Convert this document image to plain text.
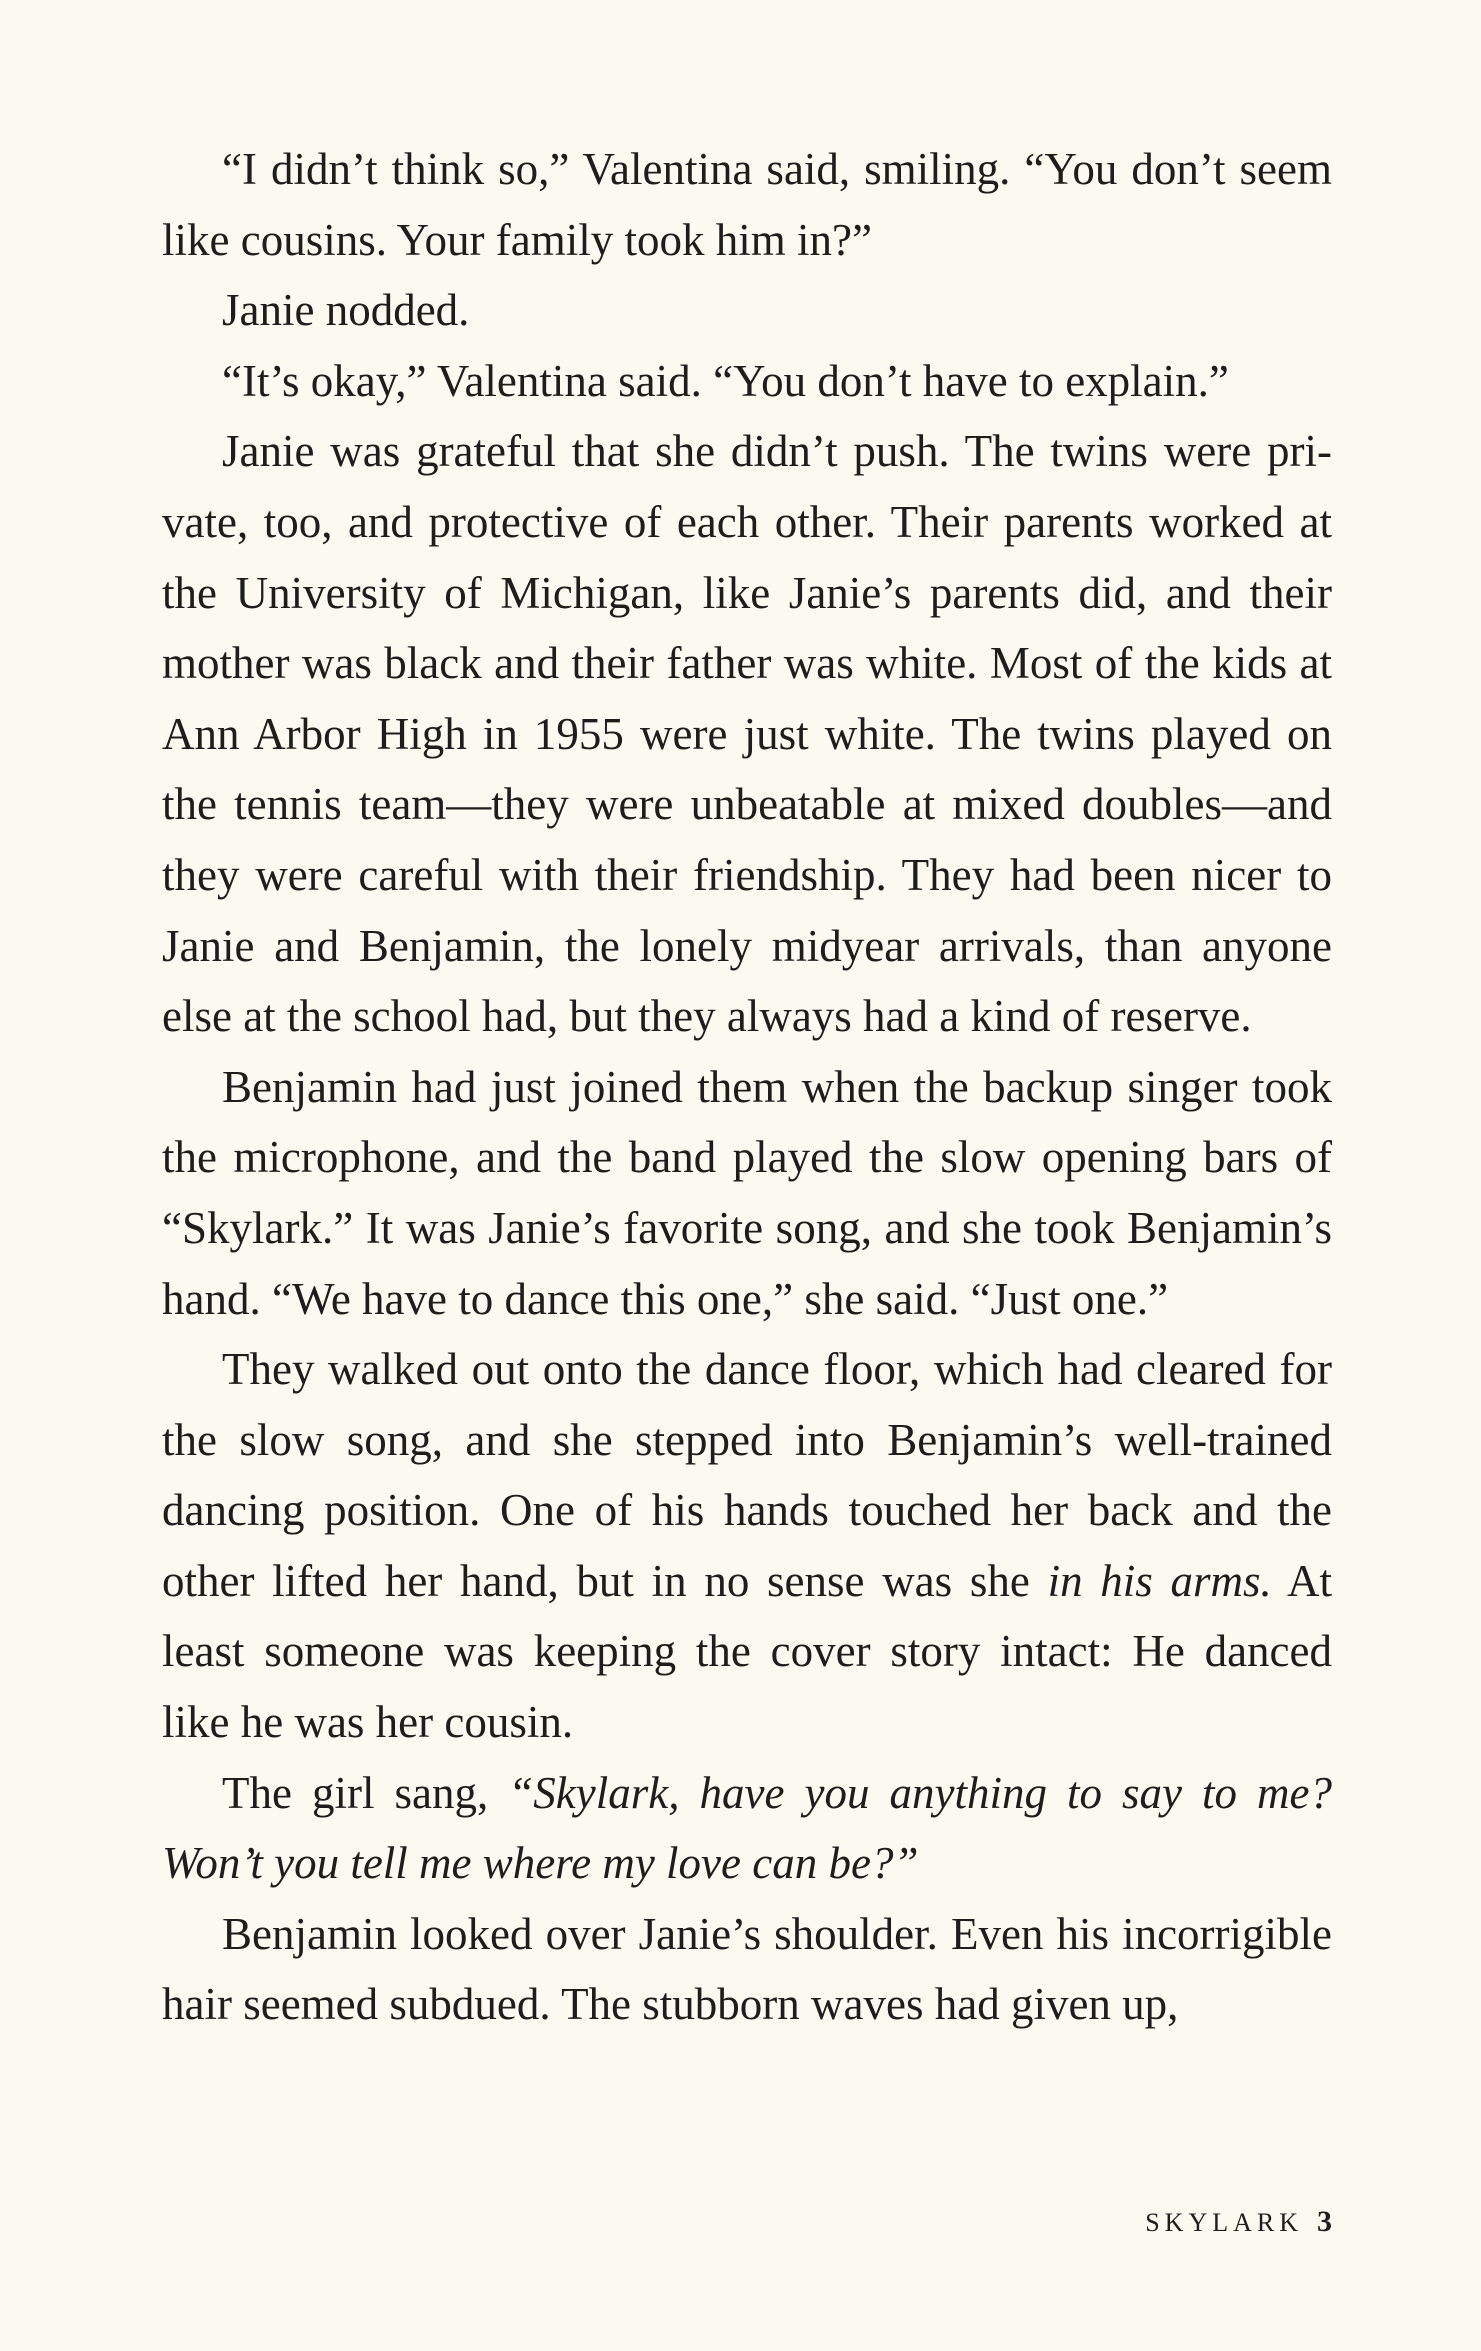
“I didn’t think so,” Valentina said, smiling. “You don’t seem like cousins. Your family took him in?”

Janie nodded.

“It’s okay,” Valentina said. “You don’t have to explain.”

Janie was grateful that she didn’t push. The twins were private, too, and protective of each other. Their parents worked at the University of Michigan, like Janie’s parents did, and their mother was black and their father was white. Most of the kids at Ann Arbor High in 1955 were just white. The twins played on the tennis team—they were unbeatable at mixed doubles—and they were careful with their friendship. They had been nicer to Janie and Benjamin, the lonely midyear arrivals, than anyone else at the school had, but they always had a kind of reserve.

Benjamin had just joined them when the backup singer took the microphone, and the band played the slow opening bars of “Skylark.” It was Janie’s favorite song, and she took Benjamin’s hand. “We have to dance this one,” she said. “Just one.”

They walked out onto the dance floor, which had cleared for the slow song, and she stepped into Benjamin’s well-trained dancing position. One of his hands touched her back and the other lifted her hand, but in no sense was she in his arms. At least someone was keeping the cover story intact: He danced like he was her cousin.

The girl sang, “Skylark, have you anything to say to me? Won’t you tell me where my love can be?”

Benjamin looked over Janie’s shoulder. Even his incorrigible hair seemed subdued. The stubborn waves had given up,

SKYLARK 3
